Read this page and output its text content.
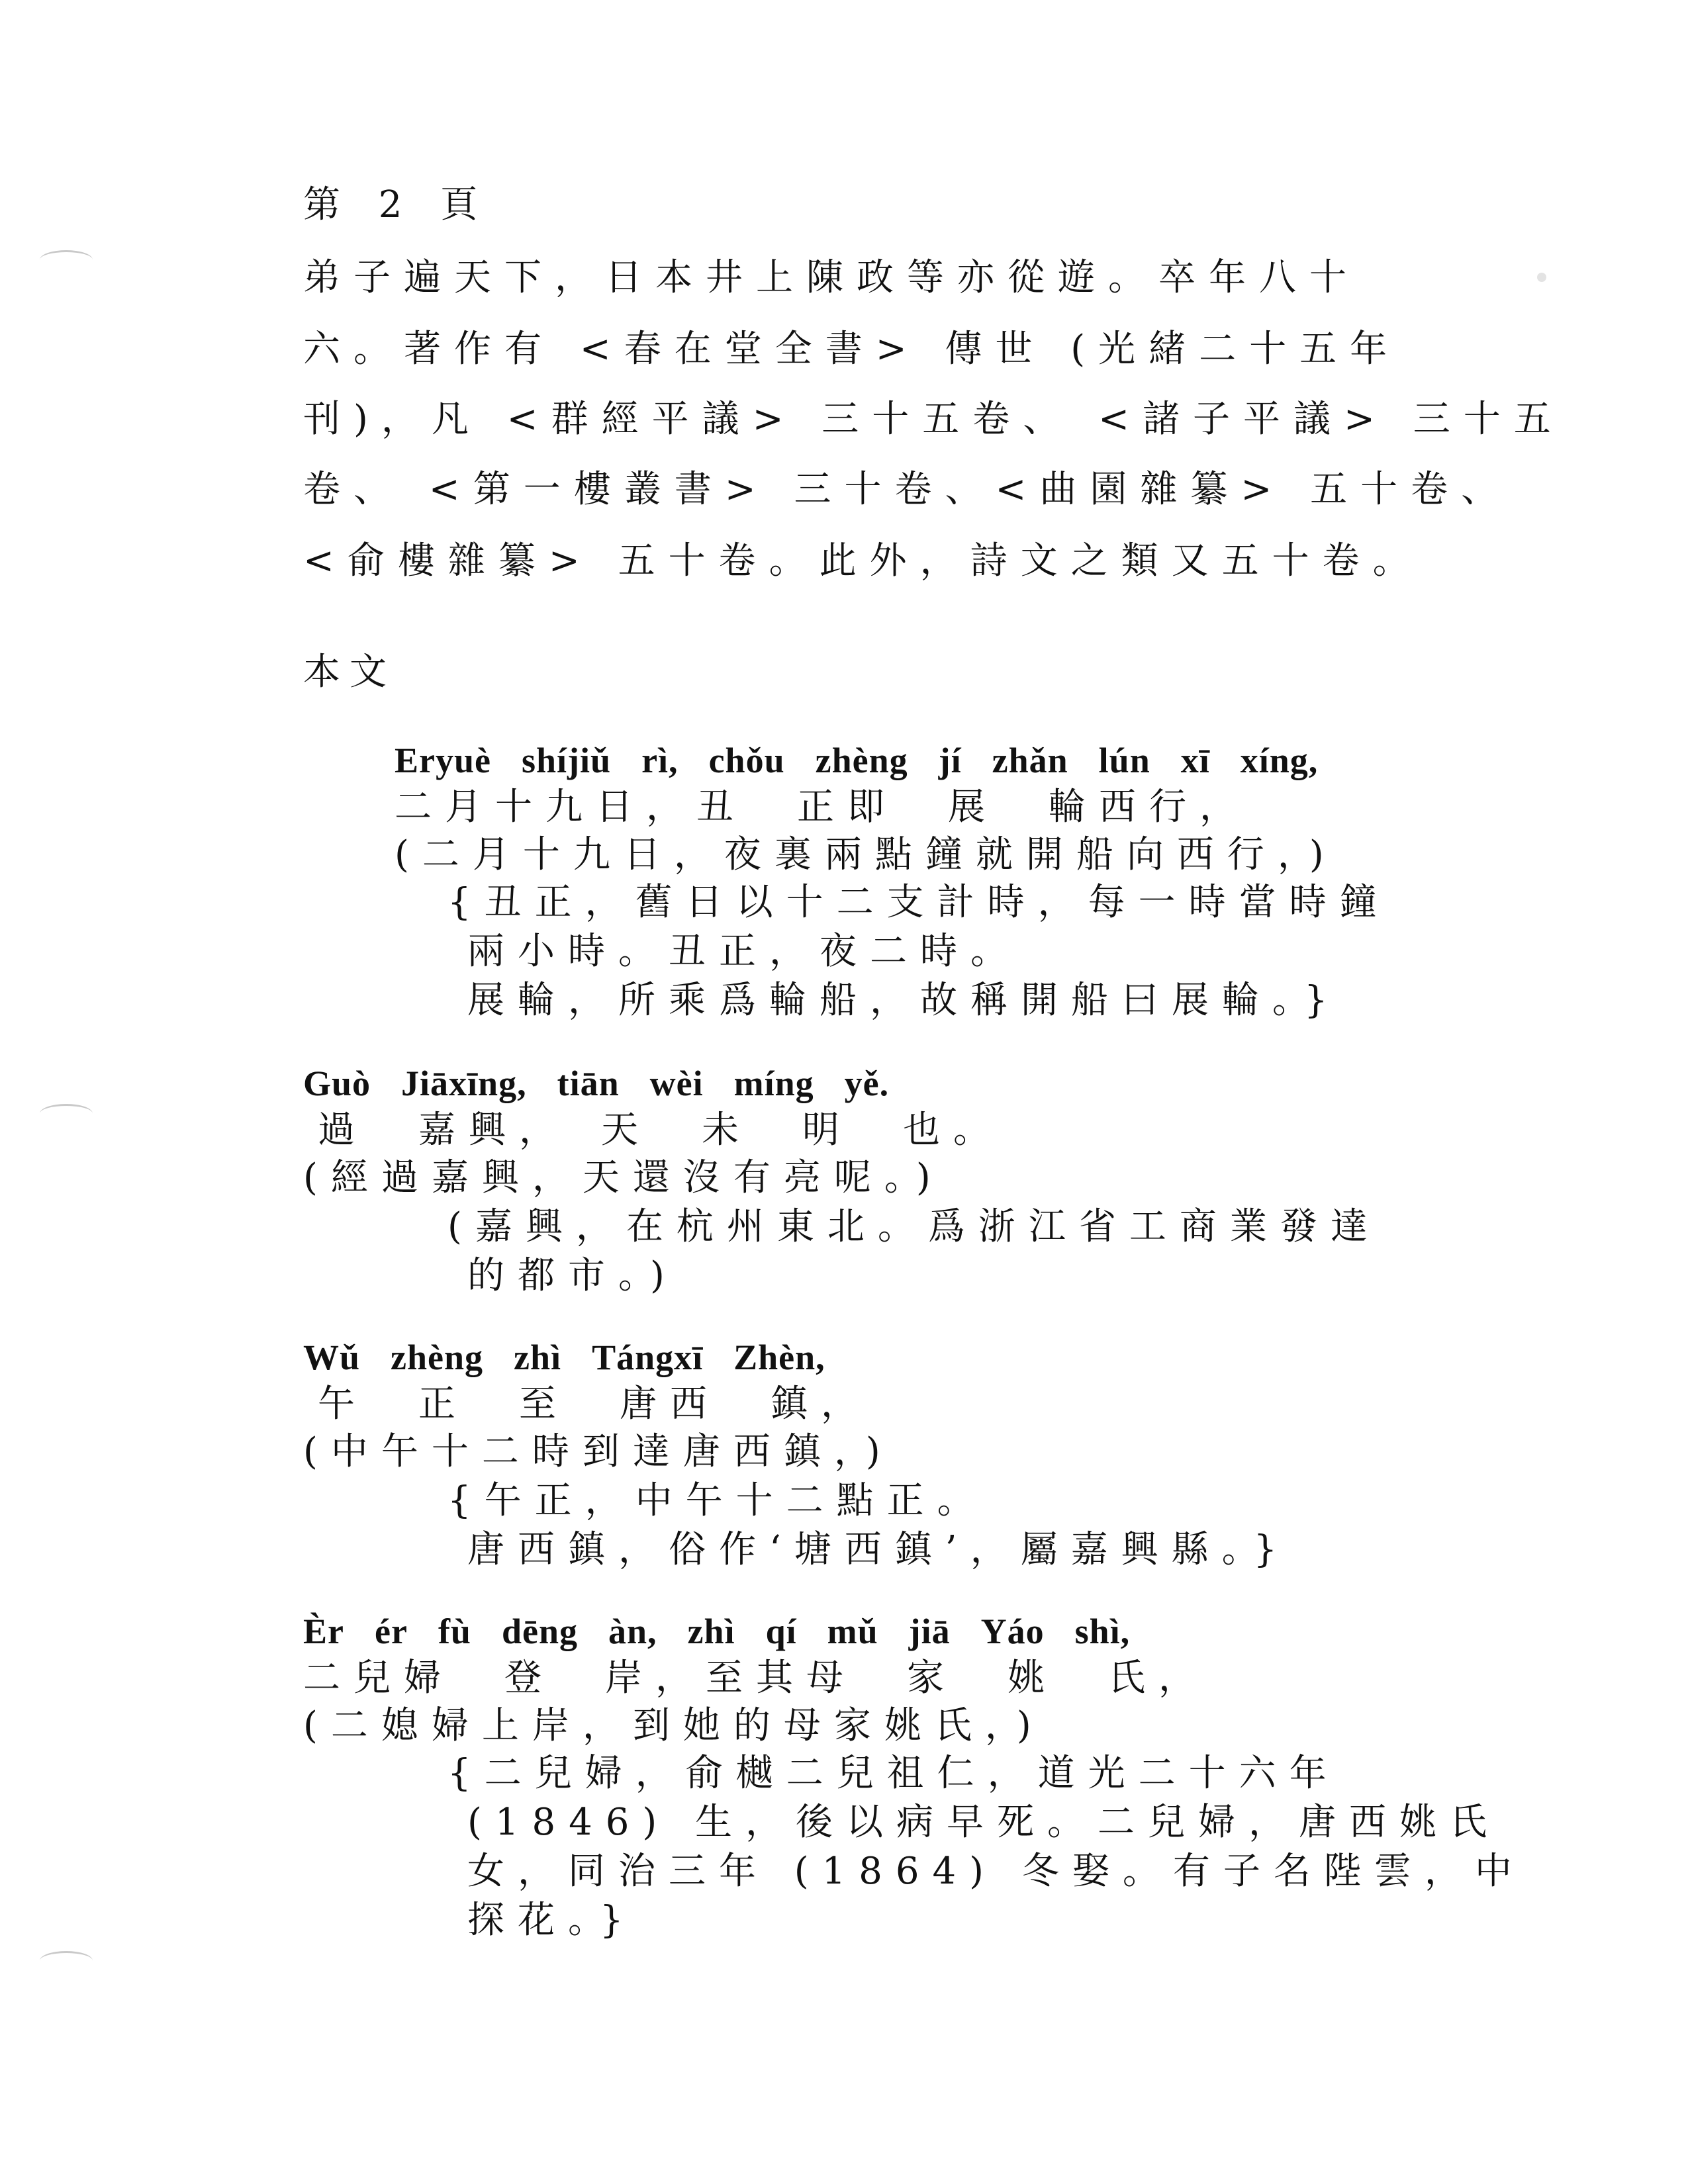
第 2 頁
弟子遍天下，日本井上陳政等亦從遊。卒年八十
六。著作有 <春在堂全書> 傳世 (光緒二十五年
刊)，凡 <群經平議> 三十五卷、 <諸子平議> 三十五
卷、 <第一樓叢書> 三十卷、<曲園雜纂> 五十卷、
<俞樓雜纂> 五十卷。此外，詩文之類又五十卷。
本文
Eryuè shíjiǔ rì, chǒu zhèng jí zhǎn lún xī xíng,
二月十九日，丑　正即　展　輪西行，
(二月十九日，夜裏兩點鐘就開船向西行，)
{丑正，舊日以十二支計時，每一時當時鐘
兩小時。丑正，夜二時。
展輪，所乘爲輪船，故稱開船曰展輪。}
Guò Jiāxīng, tiān wèi míng yě.
過　嘉興，　天　未　明　也。
(經過嘉興，天還沒有亮呢。)
(嘉興，在杭州東北。爲浙江省工商業發達
的都市。)
Wǔ zhèng zhì Tángxī Zhèn,
午　正　至　唐西　鎮，
(中午十二時到達唐西鎮，)
{午正，中午十二點正。
唐西鎮，俗作‘塘西鎮’，屬嘉興縣。}
Èr ér fù dēng àn, zhì qí mǔ jiā Yáo shì,
二兒婦　登　岸，至其母　家　姚　氏，
(二媳婦上岸，到她的母家姚氏，)
{二兒婦，俞樾二兒祖仁，道光二十六年
(1846) 生，後以病早死。二兒婦，唐西姚氏
女，同治三年 (1864) 冬娶。有子名陛雲，中
探花。}
